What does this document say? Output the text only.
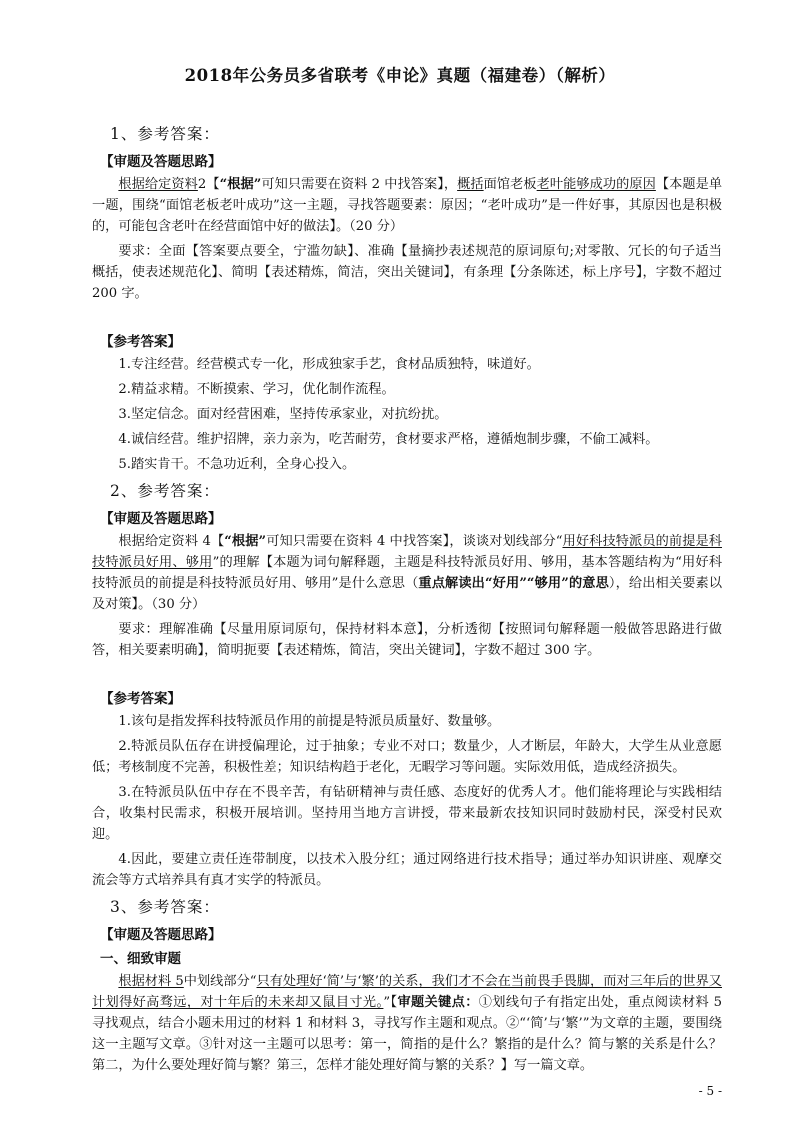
2018年公务员多省联考《申论》真题（福建卷）（解析）
1、参考答案：
【审题及答题思路】

根据给定资料2【“根据”可知只需要在资料 2 中找答案】，概括面馆老板老叶能够成功的原因【本题是单一题，围绕“面馆老板老叶成功”这一主题，寻找答题要素：原因；“老叶成功”是一件好事，其原因也是积极的，可能包含老叶在经营面馆中好的做法】。（20 分）

要求：全面【答案要点要全，宁滥勿缺】、准确【量摘抄表述规范的原词原句;对零散、冗长的句子适当概括，使表述规范化】、简明【表述精炼，简洁，突出关键词】，有条理【分条陈述，标上序号】，字数不超过 200 字。

【参考答案】

1.专注经营。经营模式专一化，形成独家手艺，食材品质独特，味道好。

2.精益求精。不断摸索、学习，优化制作流程。

3.坚定信念。面对经营困难，坚持传承家业，对抗纷扰。

4.诚信经营。维护招牌，亲力亲为，吃苦耐劳，食材要求严格，遵循炮制步骤，不偷工减料。

5.踏实肯干。不急功近利，全身心投入。

2、参考答案：
【审题及答题思路】

根据给定资料 4【“根据”可知只需要在资料 4 中找答案】，谈谈对划线部分“用好科技特派员的前提是科技特派员好用、够用”的理解【本题为词句解释题，主题是科技特派员好用、够用，基本答题结构为“用好科技特派员的前提是科技特派员好用、够用”是什么意思（重点解读出“好用”“够用”的意思），给出相关要素以及对策】。（30 分）

要求：理解准确【尽量用原词原句，保持材料本意】，分析透彻【按照词句解释题一般做答思路进行做答，相关要素明确】，简明扼要【表述精炼，简洁，突出关键词】，字数不超过 300 字。

【参考答案】

1.该句是指发挥科技特派员作用的前提是特派员质量好、数量够。

2.特派员队伍存在讲授偏理论，过于抽象；专业不对口；数量少，人才断层，年龄大，大学生从业意愿低；考核制度不完善，积极性差；知识结构趋于老化，无暇学习等问题。实际效用低，造成经济损失。

3.在特派员队伍中存在不畏辛苦，有钻研精神与责任感、态度好的优秀人才。他们能将理论与实践相结合，收集村民需求，积极开展培训。坚持用当地方言讲授，带来最新农技知识同时鼓励村民，深受村民欢迎。

4.因此，要建立责任连带制度，以技术入股分红；通过网络进行技术指导；通过举办知识讲座、观摩交流会等方式培养具有真才实学的特派员。

3、参考答案：
【审题及答题思路】
一、细致审题

根据材料 5中划线部分“只有处理好‘简’与‘繁’的关系，我们才不会在当前畏手畏脚，而对三年后的世界又计划得好高骛远，对十年后的未来却又鼠目寸光。”【审题关键点：①划线句子有指定出处，重点阅读材料 5 寻找观点，结合小题未用过的材料 1 和材料 3，寻找写作主题和观点。②“‘简’与‘繁’”为文章的主题，要围绕这一主题写文章。③针对这一主题可以思考：第一，简指的是什么？繁指的是什么？简与繁的关系是什么？第二，为什么要处理好简与繁？第三，怎样才能处理好简与繁的关系？】写一篇文章。

- 5 -
